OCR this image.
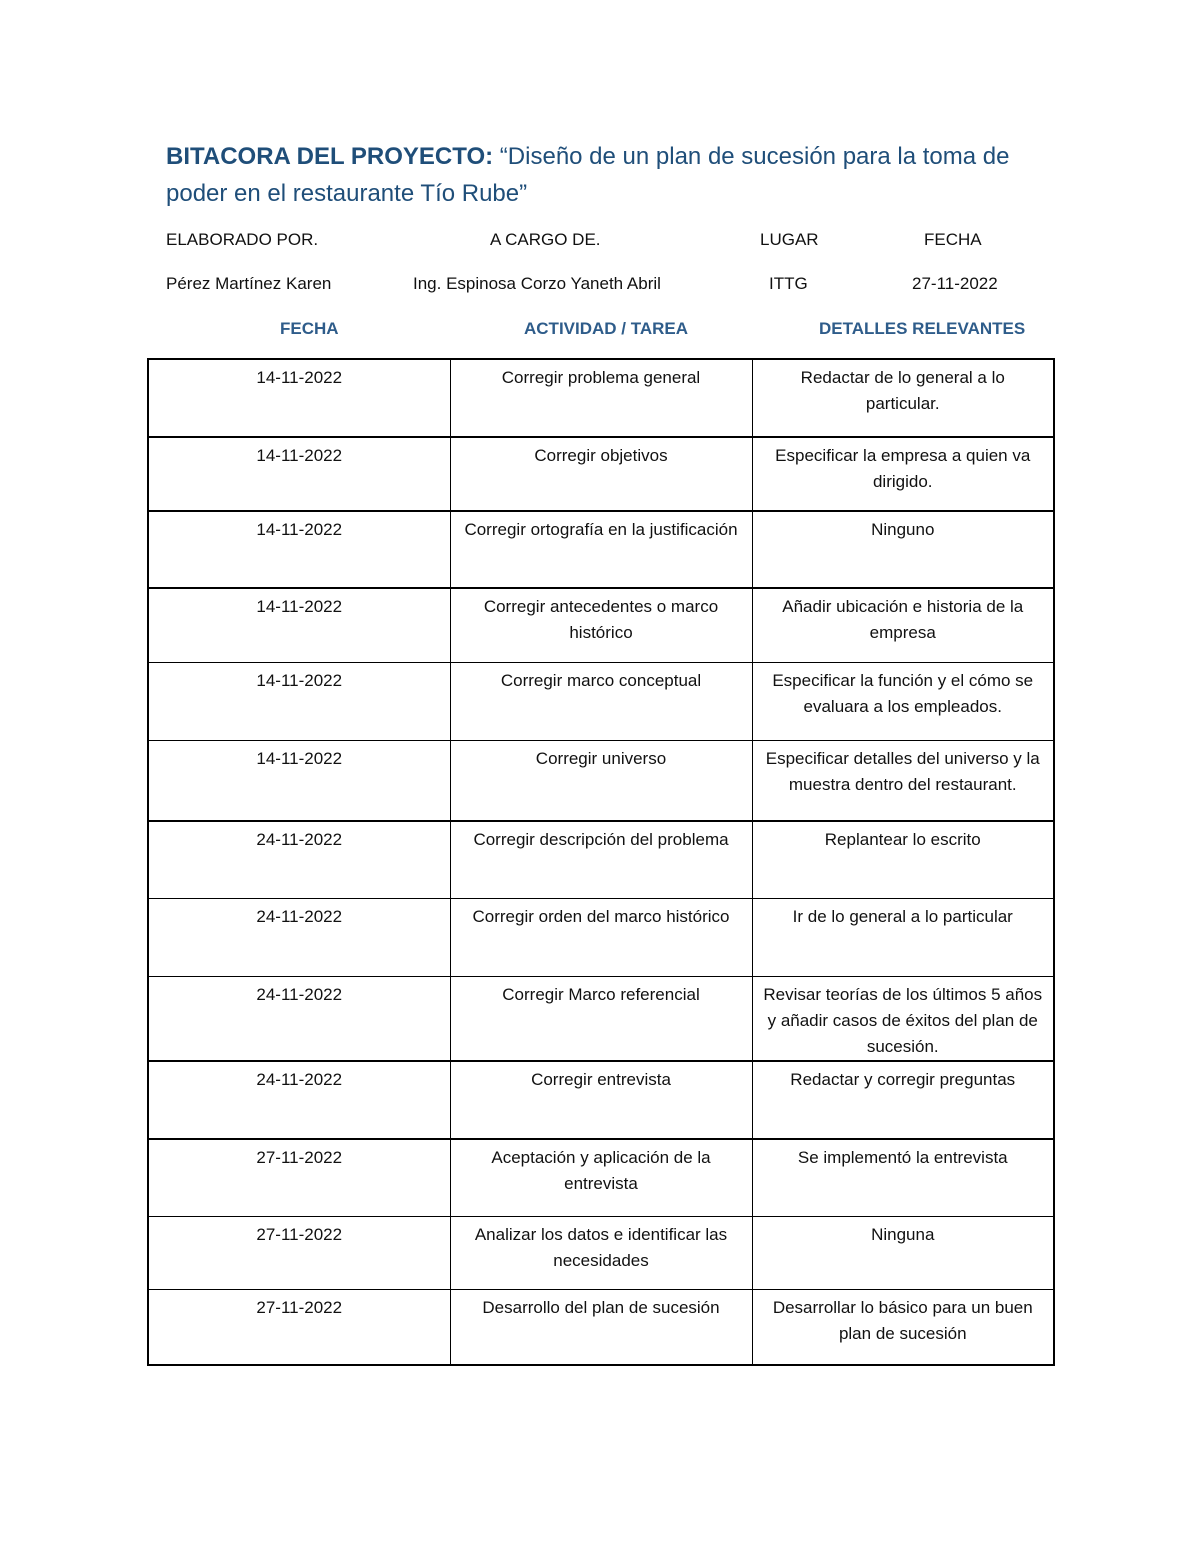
BITACORA DEL PROYECTO: “Diseño de un plan de sucesión para la toma de poder en el restaurante Tío Rube”
ELABORADO POR.	A CARGO DE.	LUGAR	FECHA
Pérez Martínez Karen	Ing. Espinosa Corzo Yaneth Abril	ITTG	27-11-2022
FECHA	ACTIVIDAD / TAREA	DETALLES RELEVANTES
14-11-2022	Corregir problema general	Redactar de lo general a lo particular.
14-11-2022	Corregir objetivos	Especificar la empresa a quien va dirigido.
14-11-2022	Corregir ortografía en la justificación	Ninguno
14-11-2022	Corregir antecedentes o marco histórico	Añadir ubicación e historia de la empresa
14-11-2022	Corregir marco conceptual	Especificar la función y el cómo se evaluara a los empleados.
14-11-2022	Corregir universo	Especificar detalles del universo y la muestra dentro del restaurant.
24-11-2022	Corregir descripción del problema	Replantear lo escrito
24-11-2022	Corregir orden del marco histórico	Ir de lo general a lo particular
24-11-2022	Corregir Marco referencial	Revisar teorías de los últimos 5 años y añadir casos de éxitos del plan de sucesión.
24-11-2022	Corregir entrevista	Redactar y corregir preguntas
27-11-2022	Aceptación y aplicación de la entrevista	Se implementó la entrevista
27-11-2022	Analizar los datos e identificar las necesidades	Ninguna
27-11-2022	Desarrollo del plan de sucesión	Desarrollar lo básico para un buen plan de sucesión
